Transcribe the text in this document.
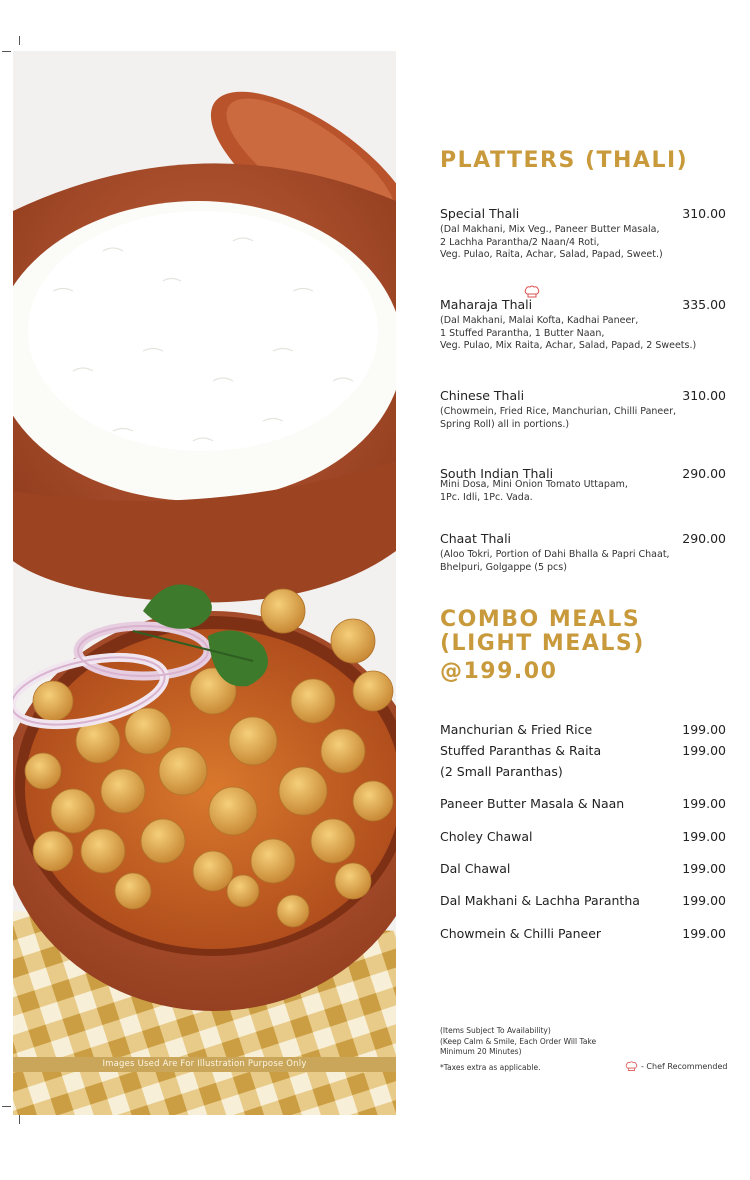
Images Used Are For Illustration Purpose Only
PLATTERS (THALI)
Special Thali	310.00
(Dal Makhani, Mix Veg., Paneer Butter Masala,
2 Lachha Parantha/2 Naan/4 Roti,
Veg. Pulao, Raita, Achar, Salad, Papad, Sweet.)
Maharaja Thali	335.00
(Dal Makhani, Malai Kofta, Kadhai Paneer,
1 Stuffed Parantha, 1 Butter Naan,
Veg. Pulao, Mix Raita, Achar, Salad, Papad, 2 Sweets.)
Chinese Thali	310.00
(Chowmein, Fried Rice, Manchurian, Chilli Paneer,
Spring Roll) all in portions.)
South Indian Thali	290.00
Mini Dosa, Mini Onion Tomato Uttapam,
1Pc. Idli, 1Pc. Vada.
Chaat Thali	290.00
(Aloo Tokri, Portion of Dahi Bhalla & Papri Chaat,
Bhelpuri, Golgappe (5 pcs)
COMBO MEALS
(LIGHT MEALS)
@199.00
Manchurian & Fried Rice	199.00
Stuffed Paranthas & Raita	199.00
(2 Small Paranthas)
Paneer Butter Masala & Naan	199.00
Choley Chawal	199.00
Dal Chawal	199.00
Dal Makhani & Lachha Parantha	199.00
Chowmein & Chilli Paneer	199.00
(Items Subject To Availability)
(Keep Calm & Smile, Each Order Will Take
Minimum 20 Minutes)
*Taxes extra as applicable.	- Chef Recommended
